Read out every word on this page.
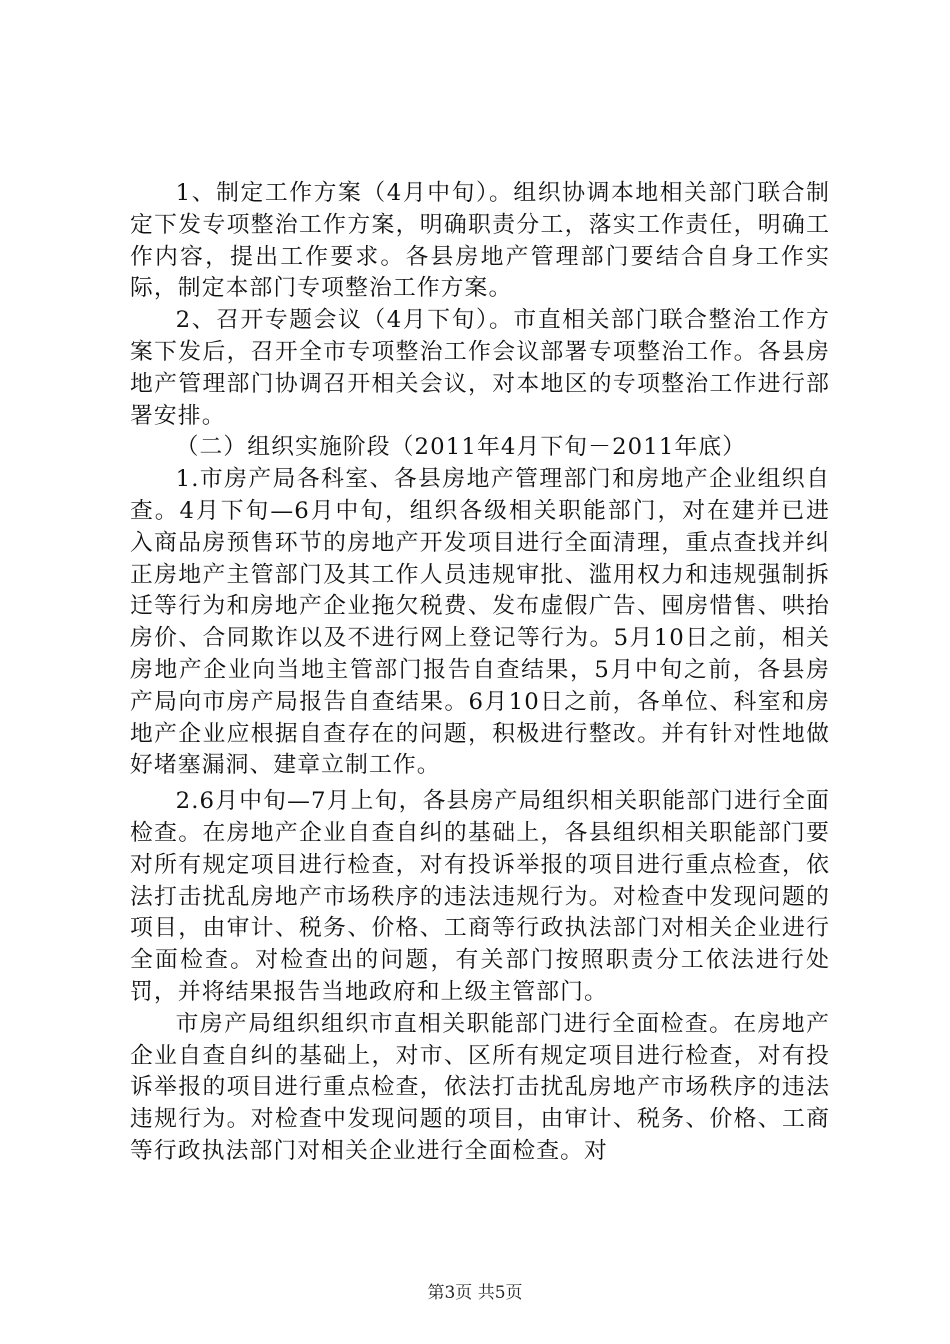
1、制定工作方案（4月中旬）。组织协调本地相关部门联合制定下发专项整治工作方案，明确职责分工，落实工作责任，明确工作内容，提出工作要求。各县房地产管理部门要结合自身工作实际，制定本部门专项整治工作方案。

2、召开专题会议（4月下旬）。市直相关部门联合整治工作方案下发后，召开全市专项整治工作会议部署专项整治工作。各县房地产管理部门协调召开相关会议，对本地区的专项整治工作进行部署安排。

（二）组织实施阶段（2011年4月下旬－2011年底）

1.市房产局各科室、各县房地产管理部门和房地产企业组织自查。4月下旬—6月中旬，组织各级相关职能部门，对在建并已进入商品房预售环节的房地产开发项目进行全面清理，重点查找并纠正房地产主管部门及其工作人员违规审批、滥用权力和违规强制拆迁等行为和房地产企业拖欠税费、发布虚假广告、囤房惜售、哄抬房价、合同欺诈以及不进行网上登记等行为。5月10日之前，相关房地产企业向当地主管部门报告自查结果，5月中旬之前，各县房产局向市房产局报告自查结果。6月10日之前，各单位、科室和房地产企业应根据自查存在的问题，积极进行整改。并有针对性地做好堵塞漏洞、建章立制工作。

2.6月中旬—7月上旬，各县房产局组织相关职能部门进行全面检查。在房地产企业自查自纠的基础上，各县组织相关职能部门要对所有规定项目进行检查，对有投诉举报的项目进行重点检查，依法打击扰乱房地产市场秩序的违法违规行为。对检查中发现问题的项目，由审计、税务、价格、工商等行政执法部门对相关企业进行全面检查。对检查出的问题，有关部门按照职责分工依法进行处罚，并将结果报告当地政府和上级主管部门。

市房产局组织组织市直相关职能部门进行全面检查。在房地产企业自查自纠的基础上，对市、区所有规定项目进行检查，对有投诉举报的项目进行重点检查，依法打击扰乱房地产市场秩序的违法违规行为。对检查中发现问题的项目，由审计、税务、价格、工商等行政执法部门对相关企业进行全面检查。对

第3页 共5页
